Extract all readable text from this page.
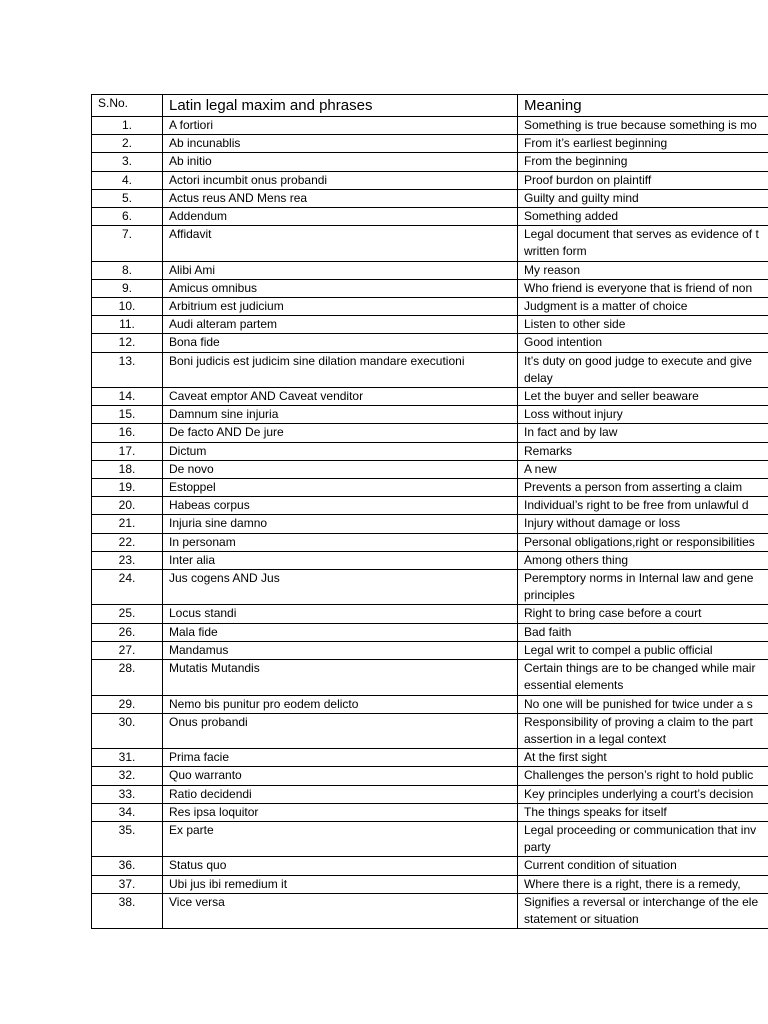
S.No.	Latin legal maxim and phrases	Meaning
1.	A fortiori	Something is true because something is mo

2.	Ab incunablis	From it’s earliest beginning

3.	Ab initio	From the beginning

4.	Actori incumbit onus probandi	Proof burdon on plaintiff

5.	Actus reus AND Mens rea	Guilty and guilty mind

6.	Addendum	Something added

7.	Affidavit	Legal document that serves as evidence of t
written form

8.	Alibi Ami	My reason

9.	Amicus omnibus	Who friend is everyone that is friend of non

10.	Arbitrium est judicium	Judgment is a matter of choice

11.	Audi alteram partem	Listen to other side

12.	Bona fide	Good intention

13.	Boni judicis est judicim sine dilation mandare executioni	It’s duty on good judge to execute and give
delay

14.	Caveat emptor AND Caveat venditor	Let the buyer and seller beaware

15.	Damnum sine injuria	Loss without injury

16.	De facto AND De jure	In fact and by law

17.	Dictum	Remarks

18.	De novo	A new

19.	Estoppel	Prevents a person from asserting a claim

20.	Habeas corpus	Individual’s right to be free from unlawful d

21.	Injuria sine damno	Injury without damage or loss

22.	In personam	Personal obligations,right or responsibilities

23.	Inter alia	Among others thing

24.	Jus cogens AND Jus	Peremptory norms in Internal law and gene
principles

25.	Locus standi	Right to bring case before a court

26.	Mala fide	Bad faith

27.	Mandamus	Legal writ to compel a public official

28.	Mutatis Mutandis	Certain things are to be changed while mair
essential elements

29.	Nemo bis punitur pro eodem delicto	No one will be punished for twice under a s

30.	Onus probandi	Responsibility of proving a claim to the part
assertion in a legal context

31.	Prima facie	At the first sight

32.	Quo warranto	Challenges the person’s right to hold public

33.	Ratio decidendi	Key principles underlying a court’s decision

34.	Res ipsa loquitor	The things speaks for itself

35.	Ex parte	Legal proceeding or communication that inv
party

36.	Status quo	Current condition of situation

37.	Ubi jus ibi remedium it	Where there is a right, there is a remedy,

38.	Vice versa	Signifies a reversal or interchange of the ele
statement or situation
